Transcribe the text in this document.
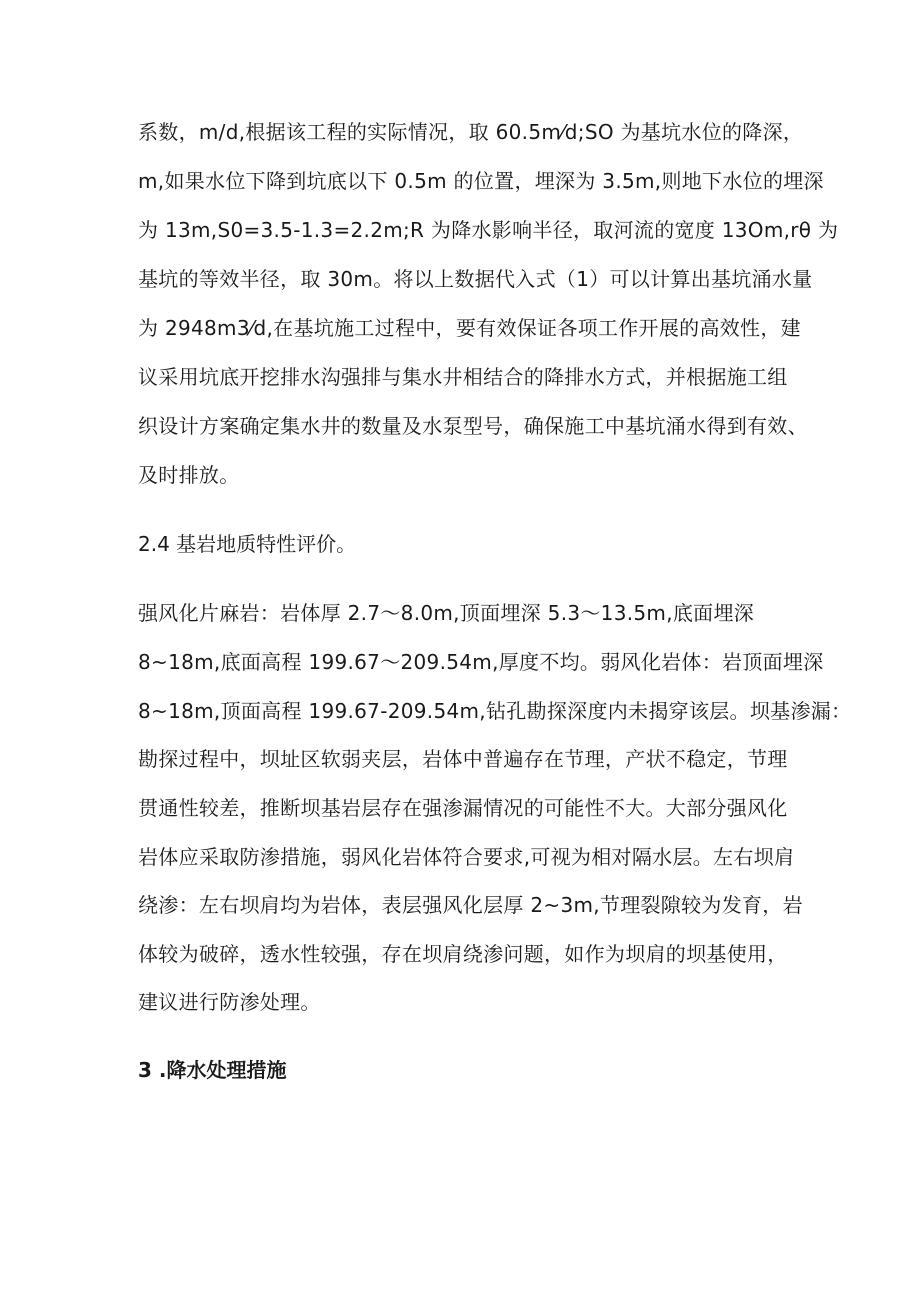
系数，m/d,根据该工程的实际情况，取 60.5m⁄d;SO 为基坑水位的降深，
m,如果水位下降到坑底以下 0.5m 的位置，埋深为 3.5m,则地下水位的埋深
为 13m,S0=3.5-1.3=2.2m;R 为降水影响半径，取河流的宽度 13Om,rθ 为
基坑的等效半径，取 30m。将以上数据代入式（1）可以计算出基坑涌水量
为 2948m3⁄d,在基坑施工过程中，要有效保证各项工作开展的高效性，建
议采用坑底开挖排水沟强排与集水井相结合的降排水方式，并根据施工组
织设计方案确定集水井的数量及水泵型号，确保施工中基坑涌水得到有效、
及时排放。
2.4 基岩地质特性评价。
强风化片麻岩：岩体厚 2.7～8.0m,顶面埋深 5.3～13.5m,底面埋深
8~18m,底面高程 199.67～209.54m,厚度不均。弱风化岩体：岩顶面埋深
8~18m,顶面高程 199.67-209.54m,钻孔勘探深度内未揭穿该层。坝基渗漏：
勘探过程中，坝址区软弱夹层，岩体中普遍存在节理，产状不稳定，节理
贯通性较差，推断坝基岩层存在强渗漏情况的可能性不大。大部分强风化
岩体应采取防渗措施，弱风化岩体符合要求,可视为相对隔水层。左右坝肩
绕渗：左右坝肩均为岩体，表层强风化层厚 2~3m,节理裂隙较为发育，岩
体较为破碎，透水性较强，存在坝肩绕渗问题，如作为坝肩的坝基使用，
建议进行防渗处理。
3 .降水处理措施
